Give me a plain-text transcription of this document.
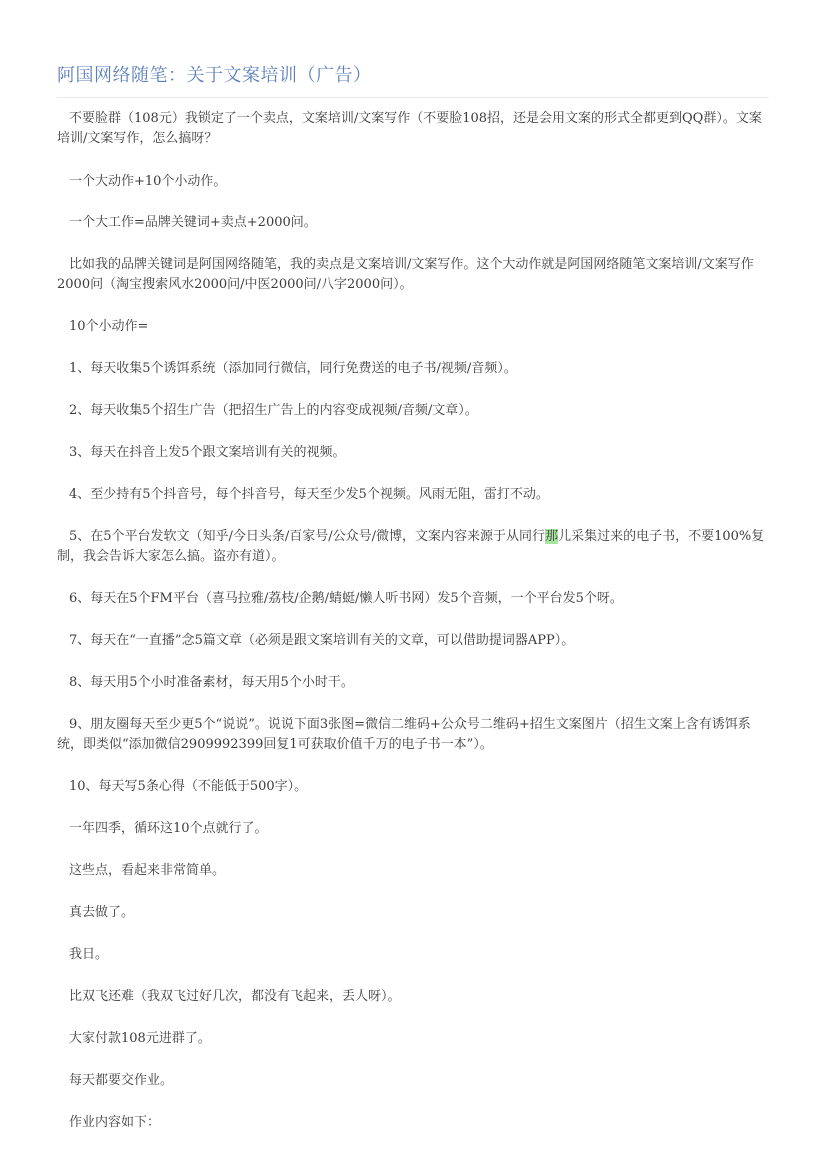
阿国网络随笔：关于文案培训（广告）

不要脸群（108元）我锁定了一个卖点，文案培训/文案写作（不要脸108招，还是会用文案的形式全都更到QQ群）。文案培训/文案写作，怎么搞呀？

一个大动作+10个小动作。

一个大工作=品牌关键词+卖点+2000问。

比如我的品牌关键词是阿国网络随笔，我的卖点是文案培训/文案写作。这个大动作就是阿国网络随笔文案培训/文案写作2000问（淘宝搜索风水2000问/中医2000问/八字2000问）。

10个小动作=

1、每天收集5个诱饵系统（添加同行微信，同行免费送的电子书/视频/音频）。

2、每天收集5个招生广告（把招生广告上的内容变成视频/音频/文章）。

3、每天在抖音上发5个跟文案培训有关的视频。

4、至少持有5个抖音号，每个抖音号，每天至少发5个视频。风雨无阻，雷打不动。

5、在5个平台发软文（知乎/今日头条/百家号/公众号/微博，文案内容来源于从同行那儿采集过来的电子书，不要100%复制，我会告诉大家怎么搞。盗亦有道）。

6、每天在5个FM平台（喜马拉雅/荔枝/企鹅/蜻蜓/懒人听书网）发5个音频，一个平台发5个呀。

7、每天在“一直播”念5篇文章（必须是跟文案培训有关的文章，可以借助提词器APP）。

8、每天用5个小时准备素材，每天用5个小时干。

9、朋友圈每天至少更5个“说说”。说说下面3张图=微信二维码+公众号二维码+招生文案图片（招生文案上含有诱饵系统，即类似“添加微信2909992399回复1可获取价值千万的电子书一本”）。

10、每天写5条心得（不能低于500字）。

一年四季，循环这10个点就行了。

这些点，看起来非常简单。

真去做了。

我日。

比双飞还难（我双飞过好几次，都没有飞起来，丢人呀）。

大家付款108元进群了。

每天都要交作业。

作业内容如下：
